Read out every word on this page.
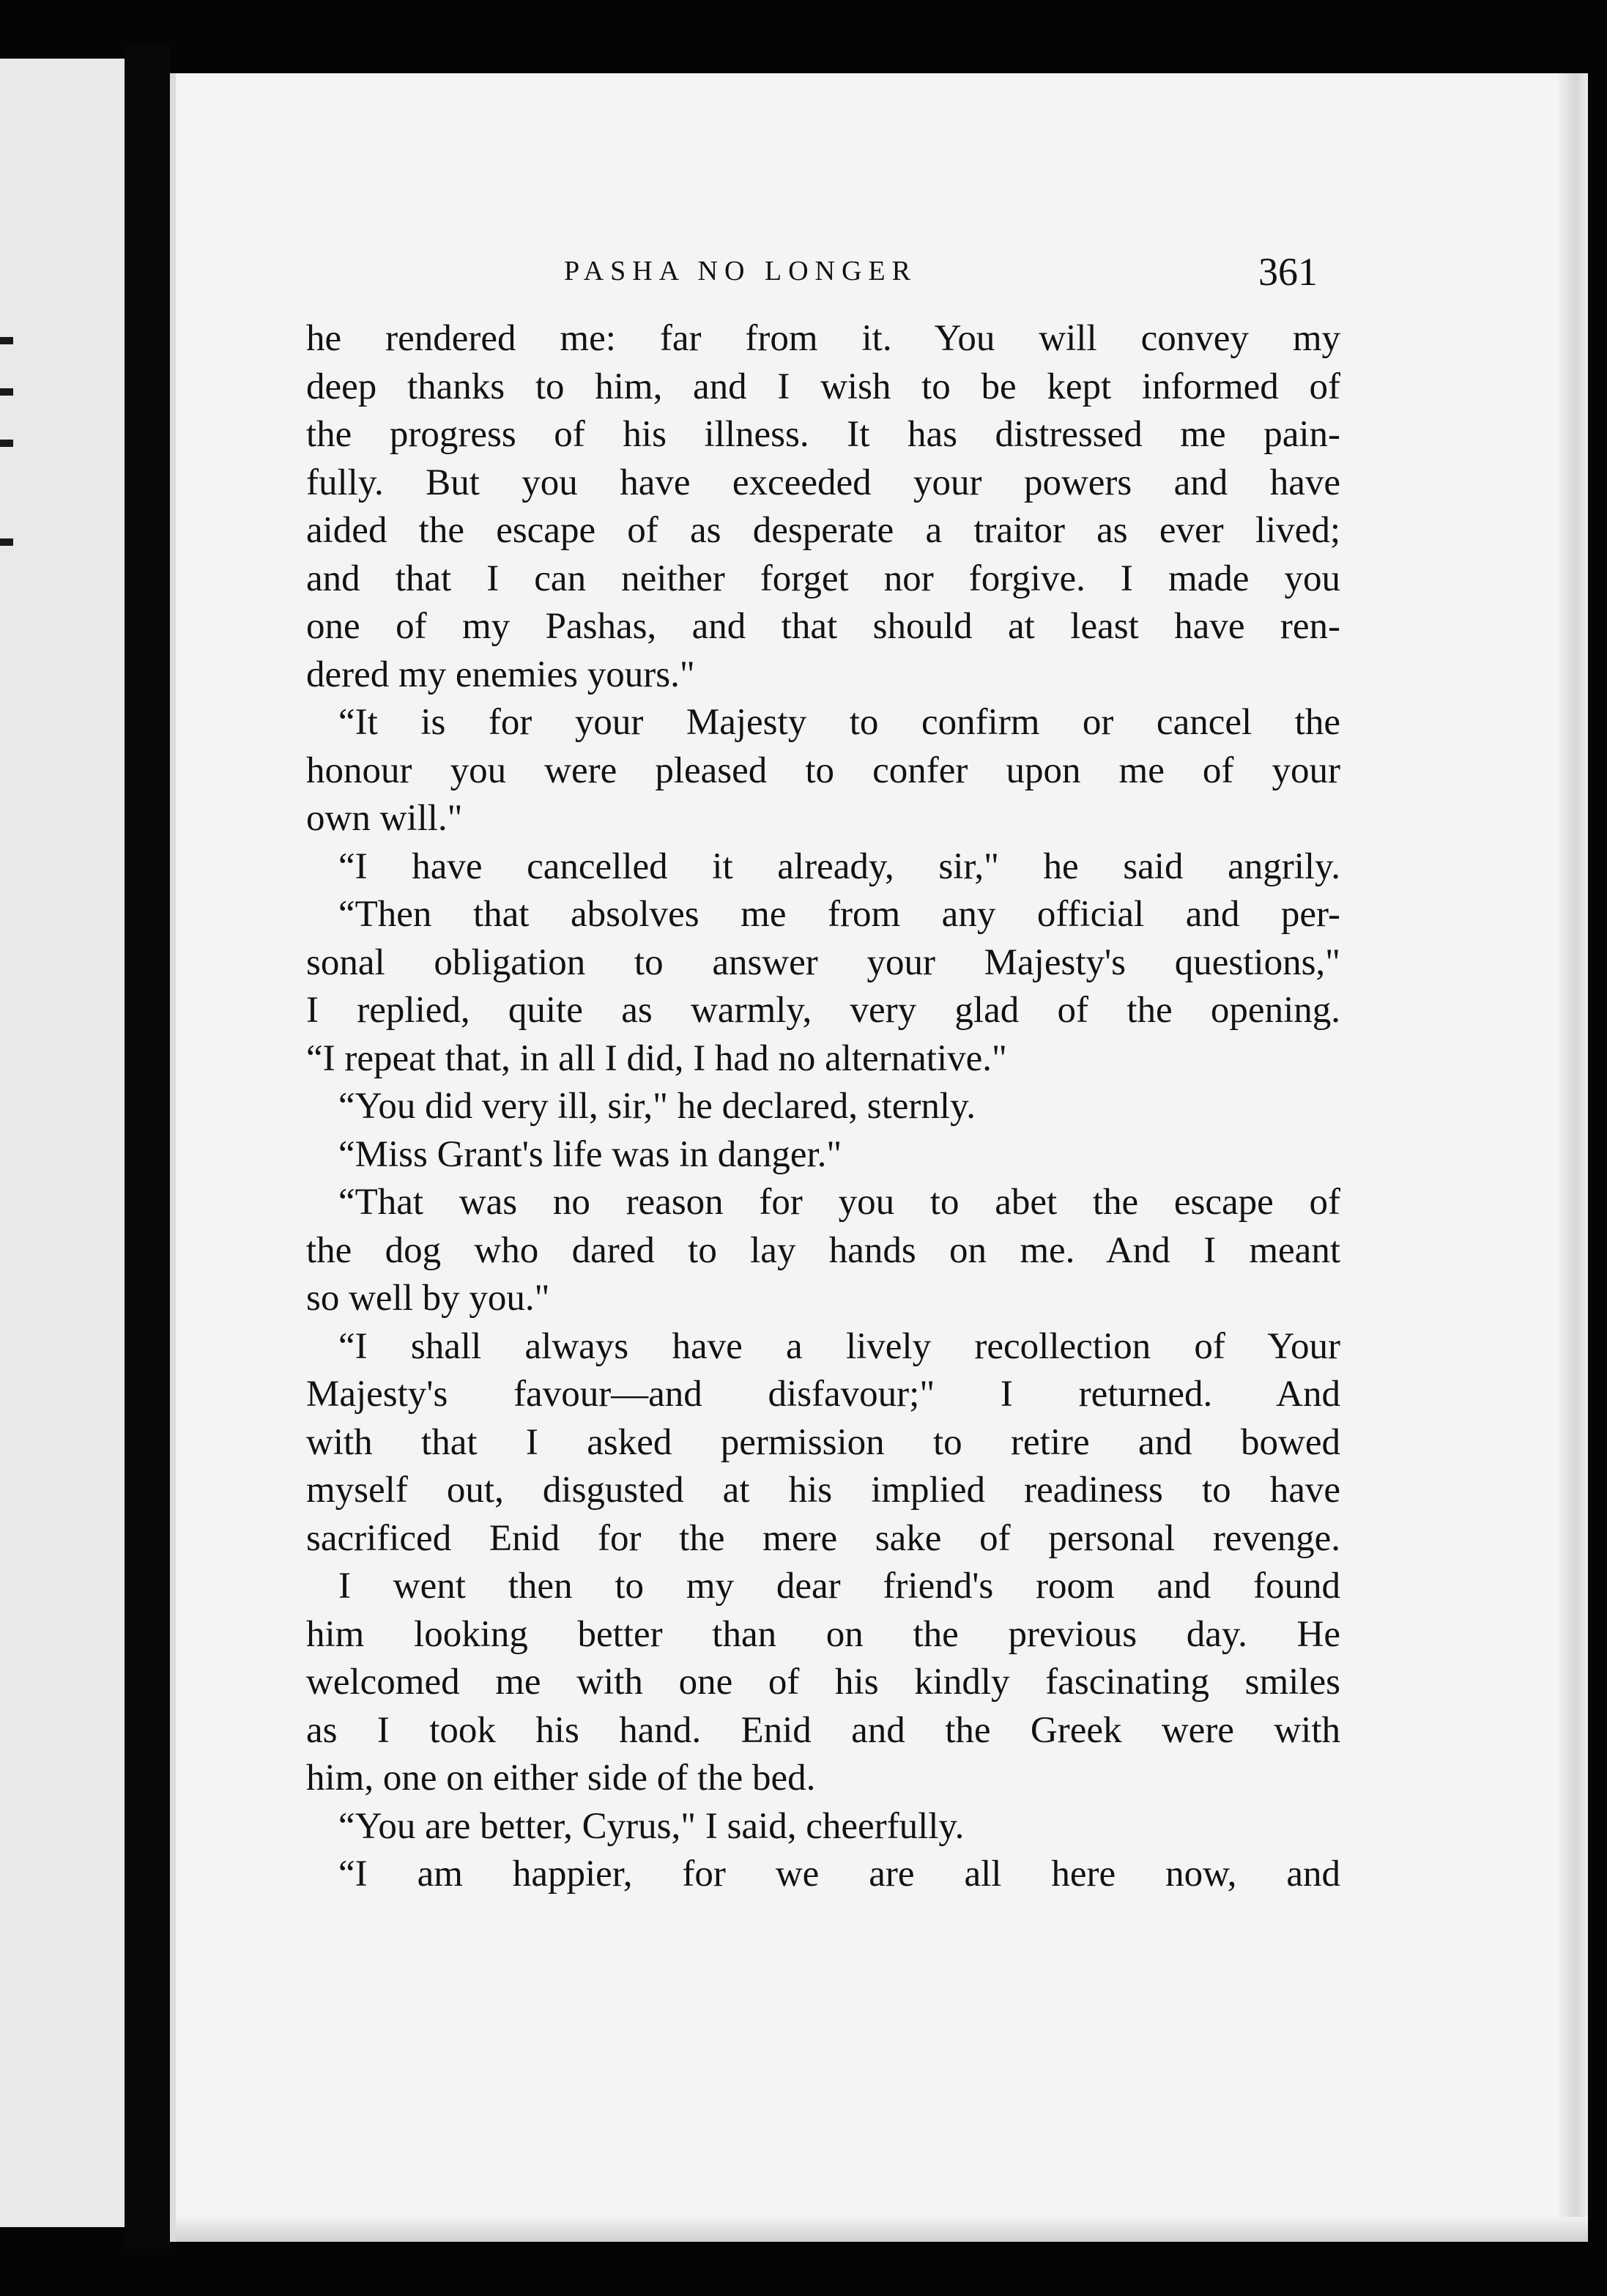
PASHA NO LONGER	361
he rendered me: far from it. You will convey my
deep thanks to him, and I wish to be kept informed of
the progress of his illness. It has distressed me pain-
fully. But you have exceeded your powers and have
aided the escape of as desperate a traitor as ever lived;
and that I can neither forget nor forgive. I made you
one of my Pashas, and that should at least have ren-
dered my enemies yours."
“It is for your Majesty to confirm or cancel the
honour you were pleased to confer upon me of your
own will."
“I have cancelled it already, sir," he said angrily.
“Then that absolves me from any official and per-
sonal obligation to answer your Majesty's questions,"
I replied, quite as warmly, very glad of the opening.
“I repeat that, in all I did, I had no alternative."
“You did very ill, sir," he declared, sternly.
“Miss Grant's life was in danger."
“That was no reason for you to abet the escape of
the dog who dared to lay hands on me. And I meant
so well by you."
“I shall always have a lively recollection of Your
Majesty's favour—and disfavour;" I returned. And
with that I asked permission to retire and bowed
myself out, disgusted at his implied readiness to have
sacrificed Enid for the mere sake of personal revenge.
I went then to my dear friend's room and found
him looking better than on the previous day. He
welcomed me with one of his kindly fascinating smiles
as I took his hand. Enid and the Greek were with
him, one on either side of the bed.
“You are better, Cyrus," I said, cheerfully.
“I am happier, for we are all here now, and
